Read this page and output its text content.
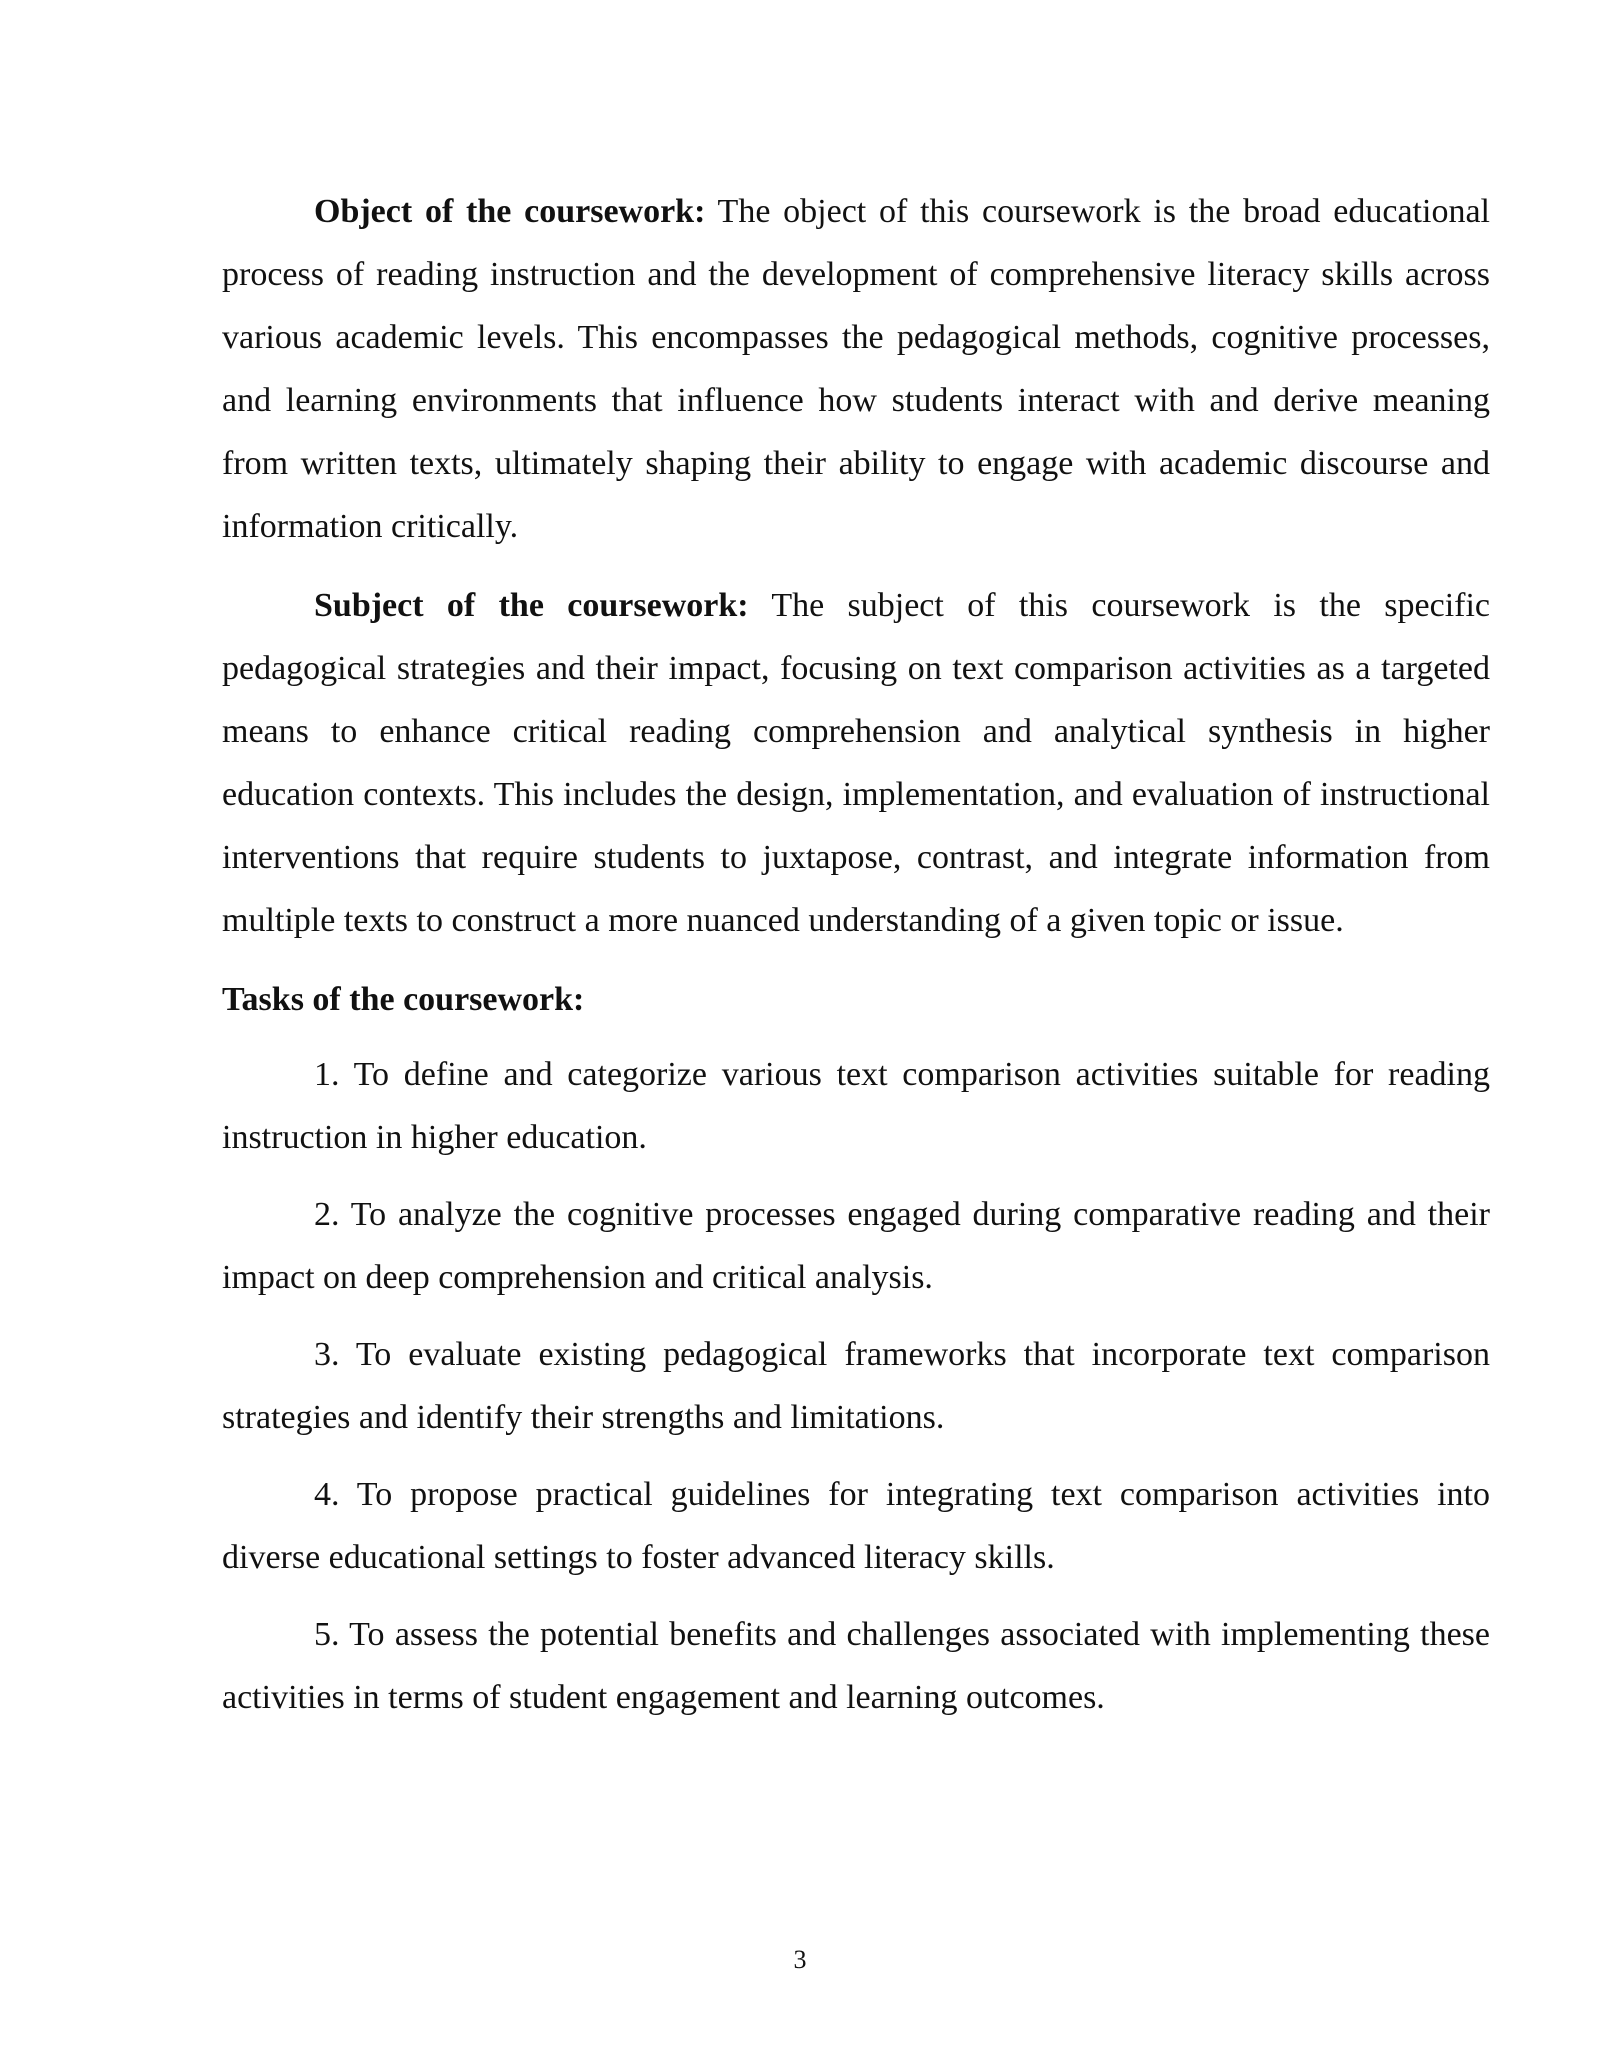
Object of the coursework: The object of this coursework is the broad educational process of reading instruction and the development of comprehensive literacy skills across various academic levels. This encompasses the pedagogical methods, cognitive processes, and learning environments that influence how students interact with and derive meaning from written texts, ultimately shaping their ability to engage with academic discourse and information critically.

Subject of the coursework: The subject of this coursework is the specific pedagogical strategies and their impact, focusing on text comparison activities as a targeted means to enhance critical reading comprehension and analytical synthesis in higher education contexts. This includes the design, implementation, and evaluation of instructional interventions that require students to juxtapose, contrast, and integrate information from multiple texts to construct a more nuanced understanding of a given topic or issue.

Tasks of the coursework:

1. To define and categorize various text comparison activities suitable for reading instruction in higher education.

2. To analyze the cognitive processes engaged during comparative reading and their impact on deep comprehension and critical analysis.

3. To evaluate existing pedagogical frameworks that incorporate text comparison strategies and identify their strengths and limitations.

4. To propose practical guidelines for integrating text comparison activities into diverse educational settings to foster advanced literacy skills.

5. To assess the potential benefits and challenges associated with implementing these activities in terms of student engagement and learning outcomes.

3
